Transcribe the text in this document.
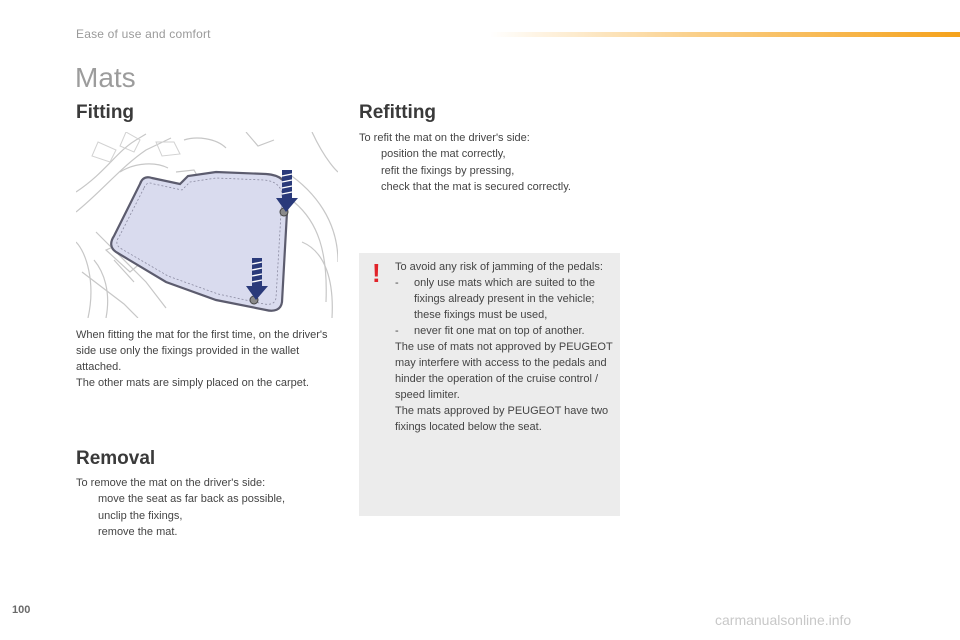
Ease of use and comfort
Mats
Fitting

When fitting the mat for the first time, on the driver's side use only the fixings provided in the wallet attached.

The other mats are simply placed on the carpet.

Removal

To remove the mat on the driver's side:

move the seat as far back as possible,
unclip the fixings,
remove the mat.
Refitting

To refit the mat on the driver's side:

position the mat correctly,
refit the fixings by pressing,
check that the mat is secured correctly.
! To avoid any risk of jamming of the pedals:

-	only use mats which are suited to the fixings already present in the vehicle; these fixings must be used,
-	never fit one mat on top of another.

The use of mats not approved by PEUGEOT may interfere with access to the pedals and hinder the operation of the cruise control / speed limiter.

The mats approved by PEUGEOT have two fixings located below the seat.

100
carmanualsonline.info
